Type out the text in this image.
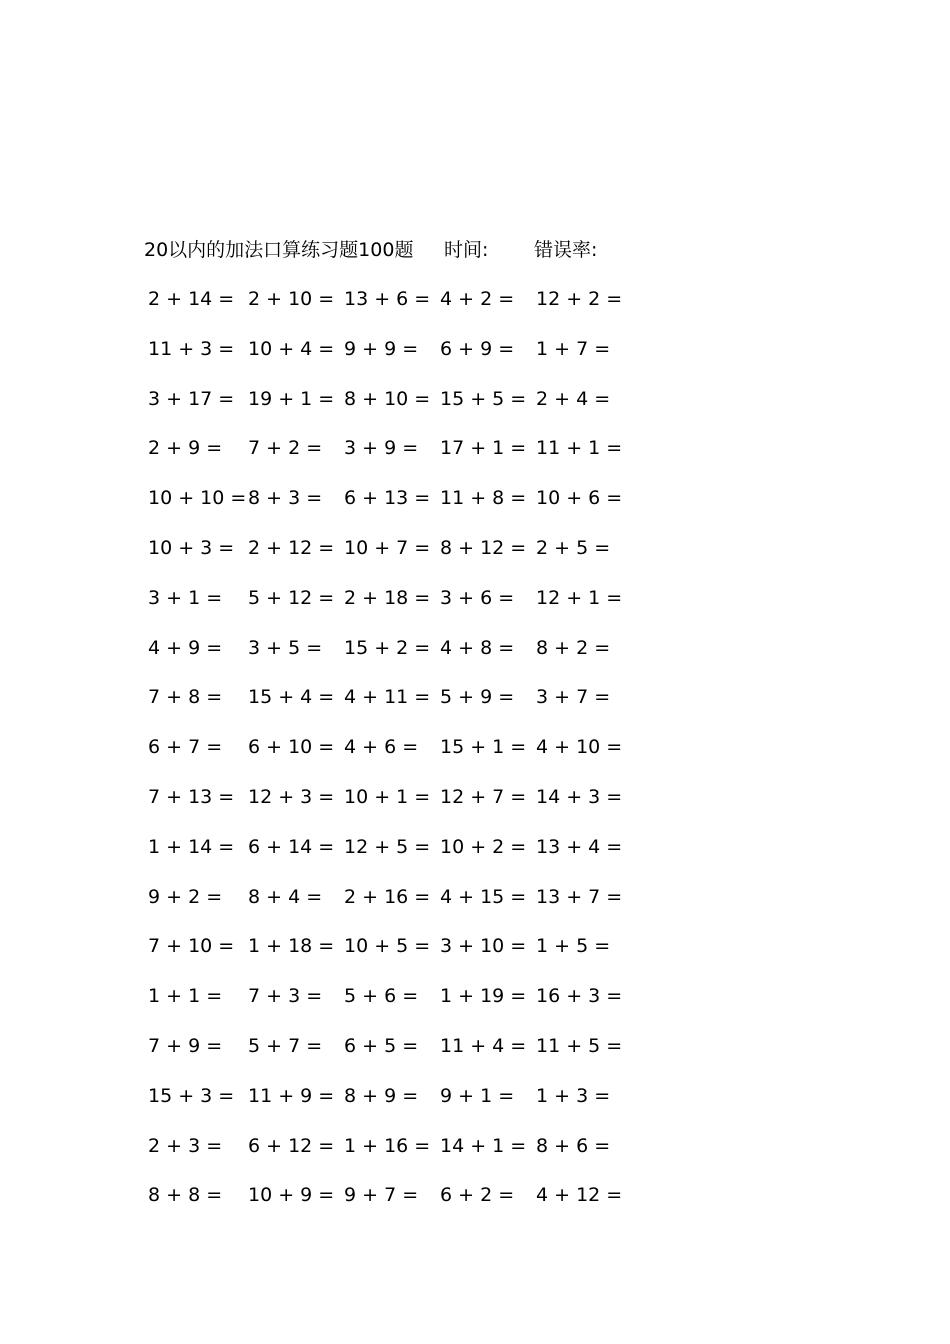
20以内的加法口算练习题100题 时间: 错误率:
2 + 14 = 2 + 10 = 13 + 6 = 4 + 2 = 12 + 2 =
11 + 3 = 10 + 4 = 9 + 9 = 6 + 9 = 1 + 7 =
3 + 17 = 19 + 1 = 8 + 10 = 15 + 5 = 2 + 4 =
2 + 9 = 7 + 2 = 3 + 9 = 17 + 1 = 11 + 1 =
10 + 10 = 8 + 3 = 6 + 13 = 11 + 8 = 10 + 6 =
10 + 3 = 2 + 12 = 10 + 7 = 8 + 12 = 2 + 5 =
3 + 1 = 5 + 12 = 2 + 18 = 3 + 6 = 12 + 1 =
4 + 9 = 3 + 5 = 15 + 2 = 4 + 8 = 8 + 2 =
7 + 8 = 15 + 4 = 4 + 11 = 5 + 9 = 3 + 7 =
6 + 7 = 6 + 10 = 4 + 6 = 15 + 1 = 4 + 10 =
7 + 13 = 12 + 3 = 10 + 1 = 12 + 7 = 14 + 3 =
1 + 14 = 6 + 14 = 12 + 5 = 10 + 2 = 13 + 4 =
9 + 2 = 8 + 4 = 2 + 16 = 4 + 15 = 13 + 7 =
7 + 10 = 1 + 18 = 10 + 5 = 3 + 10 = 1 + 5 =
1 + 1 = 7 + 3 = 5 + 6 = 1 + 19 = 16 + 3 =
7 + 9 = 5 + 7 = 6 + 5 = 11 + 4 = 11 + 5 =
15 + 3 = 11 + 9 = 8 + 9 = 9 + 1 = 1 + 3 =
2 + 3 = 6 + 12 = 1 + 16 = 14 + 1 = 8 + 6 =
8 + 8 = 10 + 9 = 9 + 7 = 6 + 2 = 4 + 12 =
